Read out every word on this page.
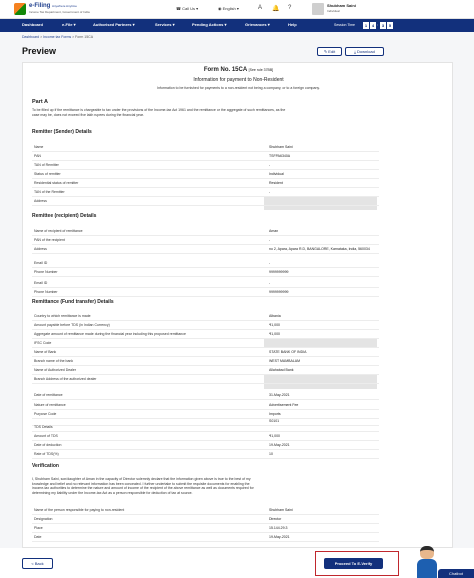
e-Filing Anywhere Anytime
Income Tax Department, Government of India
☎ Call Us ▾	◉ English ▾	A 🔔 ?	Shubham Saini
Individual
Dashboard	e-File ▾	Authorised Partners ▾	Services ▾	Pending Actions ▾	Grievances ▾	Help	Session Time	1	4 : 3	5
Dashboard > Income tax Forms > Form 15CA
Preview	✎ Edit	⤓ Download
Form No. 15CA [See rule 37BB]
Information for payment to Non-Resident
Information to be furnished for payments to a non-resident not being a company, or to a foreign company.
Part A
To be filled up if the remittance is chargeable to tax under the provisions of the Income-tax Act 1961 and the remittance or the aggregate of such remittances, as the case may be, does not exceed five lakh rupees during the financial year.
Remitter (Sender) Details
Name	Shubham Saini
PAN	TSFPA6340A
TAN of Remitter	-
Status of remitter	Individual
Residential status of remitter	Resident
TAN of the Remitter	-
Address
Remittee (recipient) Details
Name of recipient of remittance	Aman
PAN of the recipient	-
Address	no 2, Apara, Apara R.D, BANGALORE, Karnataka, India, 560034
Email ID	-
Phone Number	9999999999
Email ID	-
Phone Number	9999999999
Remittance (Fund transfer) Details
Country to which remittance is made	Albania
Amount payable before TDS (in Indian Currency)	₹1,000
Aggregate amount of remittance made during the financial year including this proposed remittance	₹1,000
IFSC Code
Name of Bank	STATE BANK OF INDIA
Branch name of the bank	WEST MAMBALAM
Name of Authorized Dealer	Allahabad Bank
Branch Address of the authorized dealer
Date of remittance	31-May-2021
Nature of remittance	Advertisement Fee
Purpose Code	Imports
S0101
TDS Details
Amount of TDS	₹1,000
Date of deduction	19-May-2021
Rate of TDS(%)	10
Verification
I, Shubham Saini, son/daughter of Aman in the capacity of Director solemnly declare that the information given above is true to the best of my knowledge and belief and no relevant information has been concealed. I further undertake to submit the requisite documents for enabling the income-tax authorities to determine the nature and amount of income of the recipient of the above remittance as well as documents required for determining my liability under the Income-tax Act as a person responsible for deduction of tax at source.
Name of the person responsible for paying to non-resident	Shubham Saini
Designation	Director
Place	15.144.29.3
Date	19-May-2021
< Back	Proceed To E-Verify
Chatbot
